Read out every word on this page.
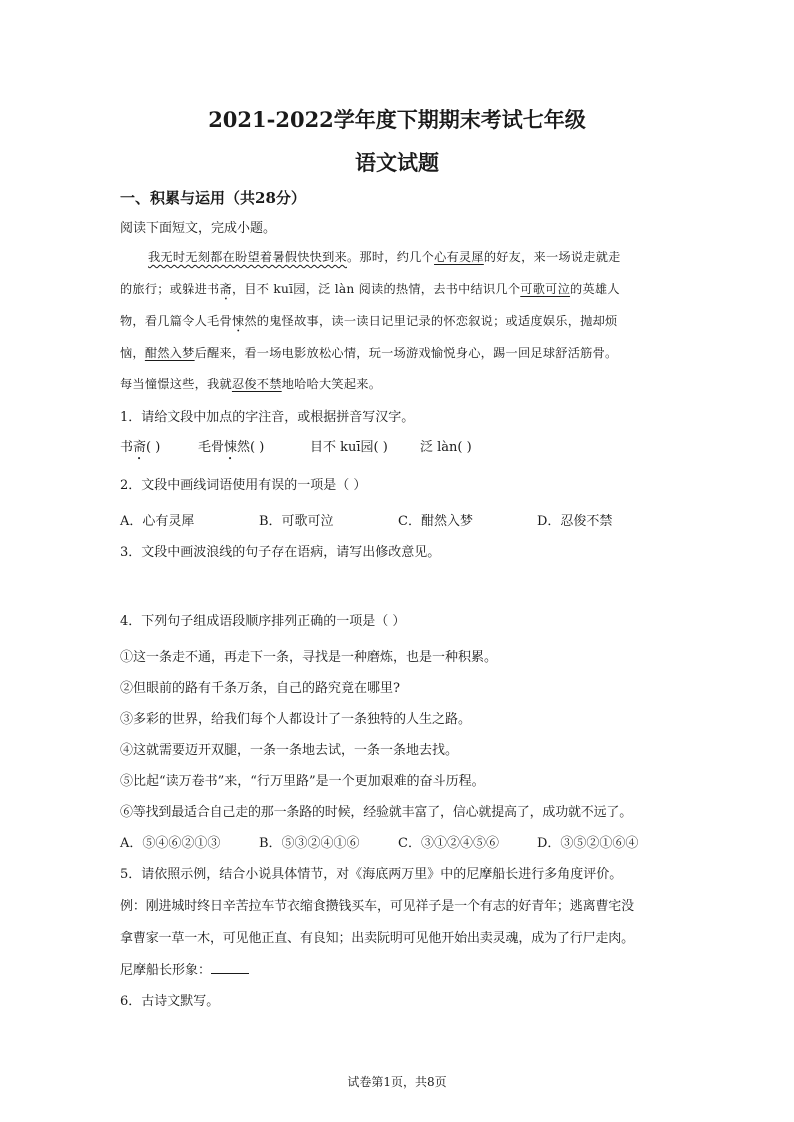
2021-2022学年度下期期末考试七年级
语文试题
一、积累与运用（共28分）
阅读下面短文，完成小题。
我无时无刻都在盼望着暑假快快到来。那时，约几个心有灵犀的好友，来一场说走就走
的旅行；或躲进书斋，目不 kuī园，泛 làn 阅读的热情，去书中结识几个可歌可泣的英雄人
物，看几篇令人毛骨悚然的鬼怪故事，读一读日记里记录的怀恋叙说；或适度娱乐，抛却烦
恼，酣然入梦后醒来，看一场电影放松心情，玩一场游戏愉悦身心，踢一回足球舒活筋骨。
每当憧憬这些，我就忍俊不禁地哈哈大笑起来。
1．请给文段中加点的字注音，或根据拼音写汉字。
书斋( )	毛骨悚然( )	目不 kuī园( ) 泛 làn( )
2．文段中画线词语使用有误的一项是（ ）
A．心有灵犀	B．可歌可泣	C．酣然入梦	D．忍俊不禁
3．文段中画波浪线的句子存在语病，请写出修改意见。
4．下列句子组成语段顺序排列正确的一项是（ ）
①这一条走不通，再走下一条，寻找是一种磨炼，也是一种积累。
②但眼前的路有千条万条，自己的路究竟在哪里?
③多彩的世界，给我们每个人都设计了一条独特的人生之路。
④这就需要迈开双腿，一条一条地去试，一条一条地去找。
⑤比起“读万卷书”来，“行万里路”是一个更加艰难的奋斗历程。
⑥等找到最适合自己走的那一条路的时候，经验就丰富了，信心就提高了，成功就不远了。
A．⑤④⑥②①③	B．⑤③②④①⑥	C．③①②④⑤⑥	D．③⑤②①⑥④
5．请依照示例，结合小说具体情节，对《海底两万里》中的尼摩船长进行多角度评价。
例：刚进城时终日辛苦拉车节衣缩食攒钱买车，可见祥子是一个有志的好青年；逃离曹宅没
拿曹家一草一木，可见他正直、有良知；出卖阮明可见他开始出卖灵魂，成为了行尸走肉。
尼摩船长形象：
6．古诗文默写。
试卷第1页，共8页
